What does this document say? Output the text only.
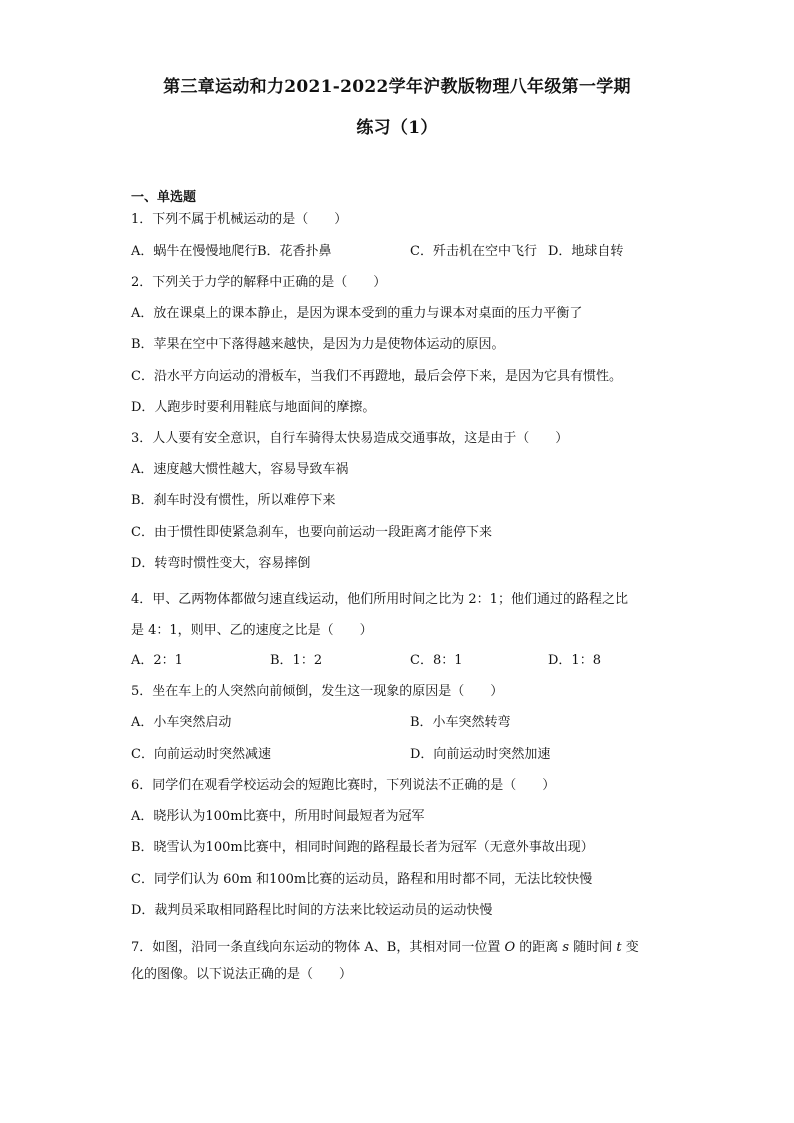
第三章运动和力2021-2022学年沪教版物理八年级第一学期
练习（1）
一、单选题
1．下列不属于机械运动的是（　　）
A．蜗牛在慢慢地爬行 B．花香扑鼻	C．歼击机在空中飞行 D．地球自转
2．下列关于力学的解释中正确的是（　　）
A．放在课桌上的课本静止，是因为课本受到的重力与课本对桌面的压力平衡了
B．苹果在空中下落得越来越快，是因为力是使物体运动的原因。
C．沿水平方向运动的滑板车，当我们不再蹬地，最后会停下来，是因为它具有惯性。
D．人跑步时要利用鞋底与地面间的摩擦。
3．人人要有安全意识，自行车骑得太快易造成交通事故，这是由于（　　）
A．速度越大惯性越大，容易导致车祸
B．刹车时没有惯性，所以难停下来
C．由于惯性即使紧急刹车，也要向前运动一段距离才能停下来
D．转弯时惯性变大，容易摔倒
4．甲、乙两物体都做匀速直线运动，他们所用时间之比为 2：1；他们通过的路程之比
是 4：1，则甲、乙的速度之比是（　　）
A．2：1	B．1：2	C．8：1	D．1：8
5．坐在车上的人突然向前倾倒，发生这一现象的原因是（　　）
A．小车突然启动	B．小车突然转弯
C．向前运动时突然减速	D．向前运动时突然加速
6．同学们在观看学校运动会的短跑比赛时，下列说法不正确的是（　　）
A．晓彤认为100m比赛中，所用时间最短者为冠军
B．晓雪认为100m比赛中，相同时间跑的路程最长者为冠军（无意外事故出现）
C．同学们认为 60m 和100m比赛的运动员，路程和用时都不同，无法比较快慢
D．裁判员采取相同路程比时间的方法来比较运动员的运动快慢
7．如图，沿同一条直线向东运动的物体 A、B，其相对同一位置 O 的距离 s 随时间 t 变
化的图像。以下说法正确的是（　　）
